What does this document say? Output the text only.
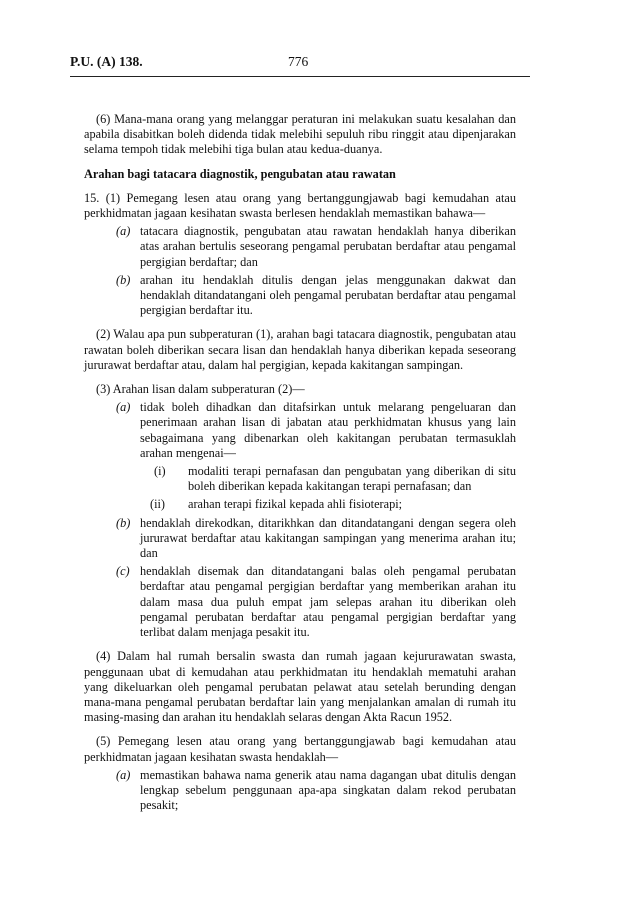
P.U. (A) 138.	776

(6) Mana-mana orang yang melanggar peraturan ini melakukan suatu kesalahan dan apabila disabitkan boleh didenda tidak melebihi sepuluh ribu ringgit atau dipenjarakan selama tempoh tidak melebihi tiga bulan atau kedua-duanya.

Arahan bagi tatacara diagnostik, pengubatan atau rawatan

15. (1) Pemegang lesen atau orang yang bertanggungjawab bagi kemudahan atau perkhidmatan jagaan kesihatan swasta berlesen hendaklah memastikan bahawa—

(a) tatacara diagnostik, pengubatan atau rawatan hendaklah hanya diberikan atas arahan bertulis seseorang pengamal perubatan berdaftar atau pengamal pergigian berdaftar; dan
(b) arahan itu hendaklah ditulis dengan jelas menggunakan dakwat dan hendaklah ditandatangani oleh pengamal perubatan berdaftar atau pengamal pergigian berdaftar itu.

(2) Walau apa pun subperaturan (1), arahan bagi tatacara diagnostik, pengubatan atau rawatan boleh diberikan secara lisan dan hendaklah hanya diberikan kepada seseorang jururawat berdaftar atau, dalam hal pergigian, kepada kakitangan sampingan.

(3) Arahan lisan dalam subperaturan (2)—

(a) tidak boleh dihadkan dan ditafsirkan untuk melarang pengeluaran dan penerimaan arahan lisan di jabatan atau perkhidmatan khusus yang lain sebagaimana yang dibenarkan oleh kakitangan perubatan termasuklah arahan mengenai—
(i) modaliti terapi pernafasan dan pengubatan yang diberikan di situ boleh diberikan kepada kakitangan terapi pernafasan; dan
(ii) arahan terapi fizikal kepada ahli fisioterapi;
(b) hendaklah direkodkan, ditarikhkan dan ditandatangani dengan segera oleh jururawat berdaftar atau kakitangan sampingan yang menerima arahan itu; dan
(c) hendaklah disemak dan ditandatangani balas oleh pengamal perubatan berdaftar atau pengamal pergigian berdaftar yang memberikan arahan itu dalam masa dua puluh empat jam selepas arahan itu diberikan oleh pengamal perubatan berdaftar atau pengamal pergigian berdaftar yang terlibat dalam menjaga pesakit itu.

(4) Dalam hal rumah bersalin swasta dan rumah jagaan kejururawatan swasta, penggunaan ubat di kemudahan atau perkhidmatan itu hendaklah mematuhi arahan yang dikeluarkan oleh pengamal perubatan pelawat atau setelah berunding dengan mana-mana pengamal perubatan berdaftar lain yang menjalankan amalan di rumah itu masing-masing dan arahan itu hendaklah selaras dengan Akta Racun 1952.

(5) Pemegang lesen atau orang yang bertanggungjawab bagi kemudahan atau perkhidmatan jagaan kesihatan swasta hendaklah—

(a) memastikan bahawa nama generik atau nama dagangan ubat ditulis dengan lengkap sebelum penggunaan apa-apa singkatan dalam rekod perubatan pesakit;
